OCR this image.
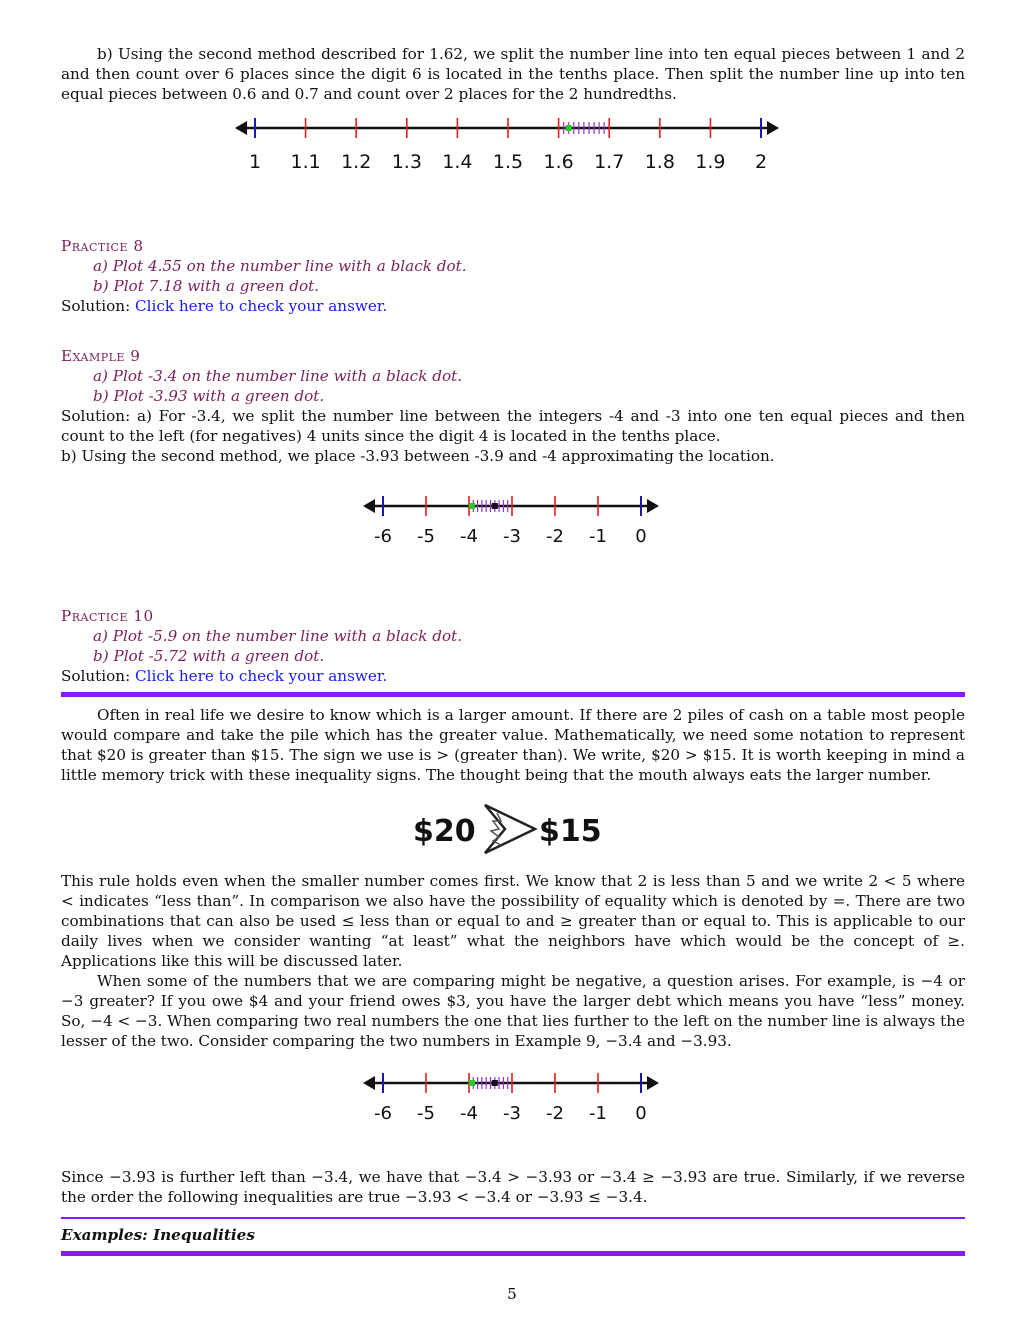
b) Using the second method described for 1.62, we split the number line into ten equal pieces between 1 and 2 and then count over 6 places since the digit 6 is located in the tenths place. Then split the number line up into ten equal pieces between 0.6 and 0.7 and count over 2 places for the 2 hundredths.

1 1.1 1.2 1.3 1.4 1.5 1.6 1.7 1.8 1.9 2

Practice 8

a) Plot 4.55 on the number line with a black dot.

b) Plot 7.18 with a green dot.

Solution: Click here to check your answer.

Example 9

a) Plot -3.4 on the number line with a black dot.

b) Plot -3.93 with a green dot.

Solution: a) For -3.4, we split the number line between the integers -4 and -3 into one ten equal pieces and then count to the left (for negatives) 4 units since the digit 4 is located in the tenths place.

b) Using the second method, we place -3.93 between -3.9 and -4 approximating the location.

-6 -5 -4 -3 -2 -1 0

Practice 10

a) Plot -5.9 on the number line with a black dot.

b) Plot -5.72 with a green dot.

Solution: Click here to check your answer.

Often in real life we desire to know which is a larger amount. If there are 2 piles of cash on a table most people would compare and take the pile which has the greater value. Mathematically, we need some notation to represent that $20 is greater than $15. The sign we use is > (greater than). We write, $20 > $15. It is worth keeping in mind a little memory trick with these inequality signs. The thought being that the mouth always eats the larger number.

$20 $15

This rule holds even when the smaller number comes first. We know that 2 is less than 5 and we write 2 < 5 where < indicates “less than”. In comparison we also have the possibility of equality which is denoted by =. There are two combinations that can also be used ≤ less than or equal to and ≥ greater than or equal to. This is applicable to our daily lives when we consider wanting “at least” what the neighbors have which would be the concept of ≥. Applications like this will be discussed later.

When some of the numbers that we are comparing might be negative, a question arises. For example, is −4 or −3 greater? If you owe $4 and your friend owes $3, you have the larger debt which means you have “less” money. So, −4 < −3. When comparing two real numbers the one that lies further to the left on the number line is always the lesser of the two. Consider comparing the two numbers in Example 9, −3.4 and −3.93.

-6 -5 -4 -3 -2 -1 0

Since −3.93 is further left than −3.4, we have that −3.4 > −3.93 or −3.4 ≥ −3.93 are true. Similarly, if we reverse the order the following inequalities are true −3.93 < −3.4 or −3.93 ≤ −3.4.

Examples: Inequalities

5
